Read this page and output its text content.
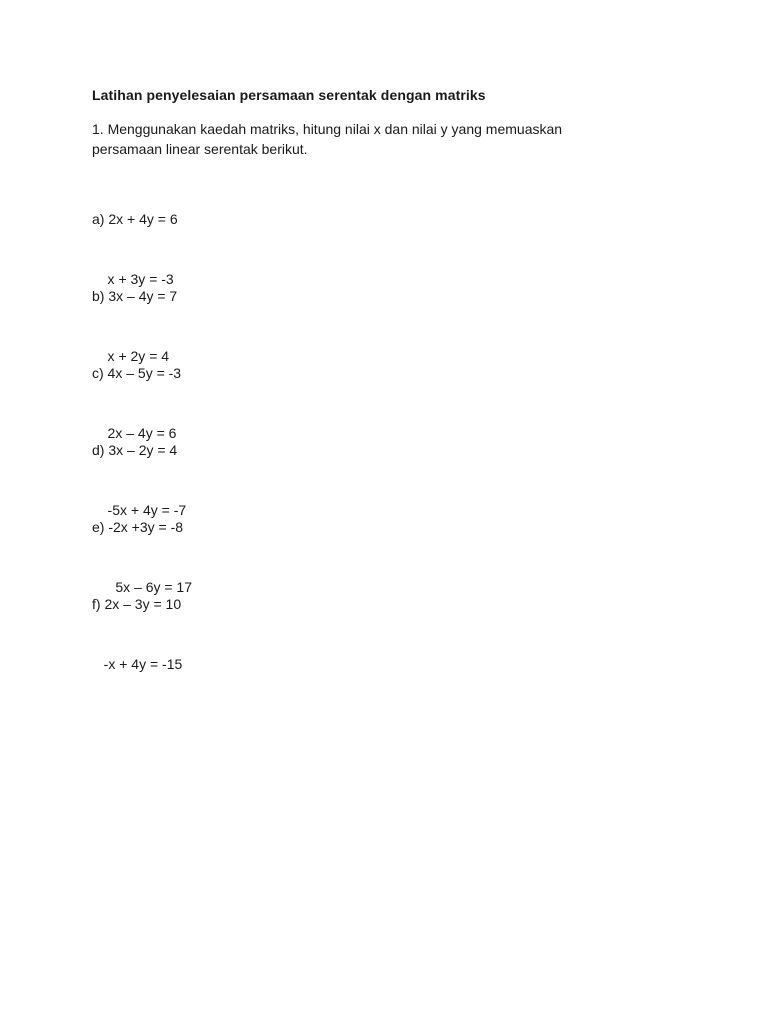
Latihan penyelesaian persamaan serentak dengan matriks
1. Menggunakan kaedah matriks, hitung nilai x dan nilai y yang memuaskan
persamaan linear serentak berikut.

a) 2x + 4y = 6

x + 3y = -3

b) 3x – 4y = 7

x + 2y = 4

c) 4x – 5y = -3

2x – 4y = 6

d) 3x – 2y = 4

-5x + 4y = -7

e) -2x +3y = -8

5x – 6y = 17

f) 2x – 3y = 10

-x + 4y = -15
